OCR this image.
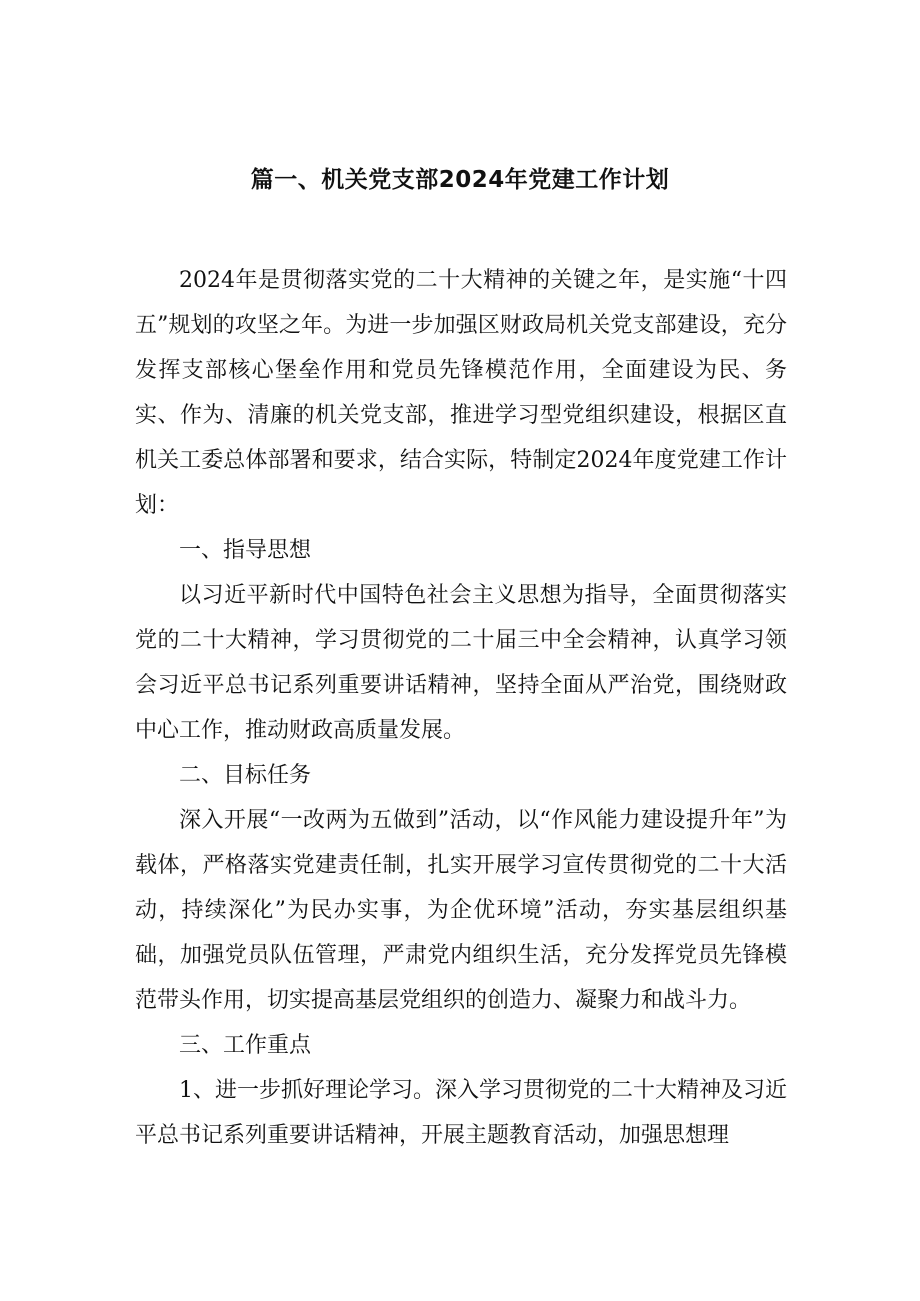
篇一、机关党支部2024年党建工作计划

2024年是贯彻落实党的二十大精神的关键之年，是实施“十四五”规划的攻坚之年。为进一步加强区财政局机关党支部建设，充分发挥支部核心堡垒作用和党员先锋模范作用，全面建设为民、务实、作为、清廉的机关党支部，推进学习型党组织建设，根据区直机关工委总体部署和要求，结合实际，特制定2024年度党建工作计划：

一、指导思想

以习近平新时代中国特色社会主义思想为指导，全面贯彻落实党的二十大精神，学习贯彻党的二十届三中全会精神，认真学习领会习近平总书记系列重要讲话精神，坚持全面从严治党，围绕财政中心工作，推动财政高质量发展。

二、目标任务

深入开展“一改两为五做到”活动，以“作风能力建设提升年”为载体，严格落实党建责任制，扎实开展学习宣传贯彻党的二十大活动，持续深化”为民办实事，为企优环境”活动，夯实基层组织基础，加强党员队伍管理，严肃党内组织生活，充分发挥党员先锋模范带头作用，切实提高基层党组织的创造力、凝聚力和战斗力。

三、工作重点

1、进一步抓好理论学习。深入学习贯彻党的二十大精神及习近平总书记系列重要讲话精神，开展主题教育活动，加强思想理
